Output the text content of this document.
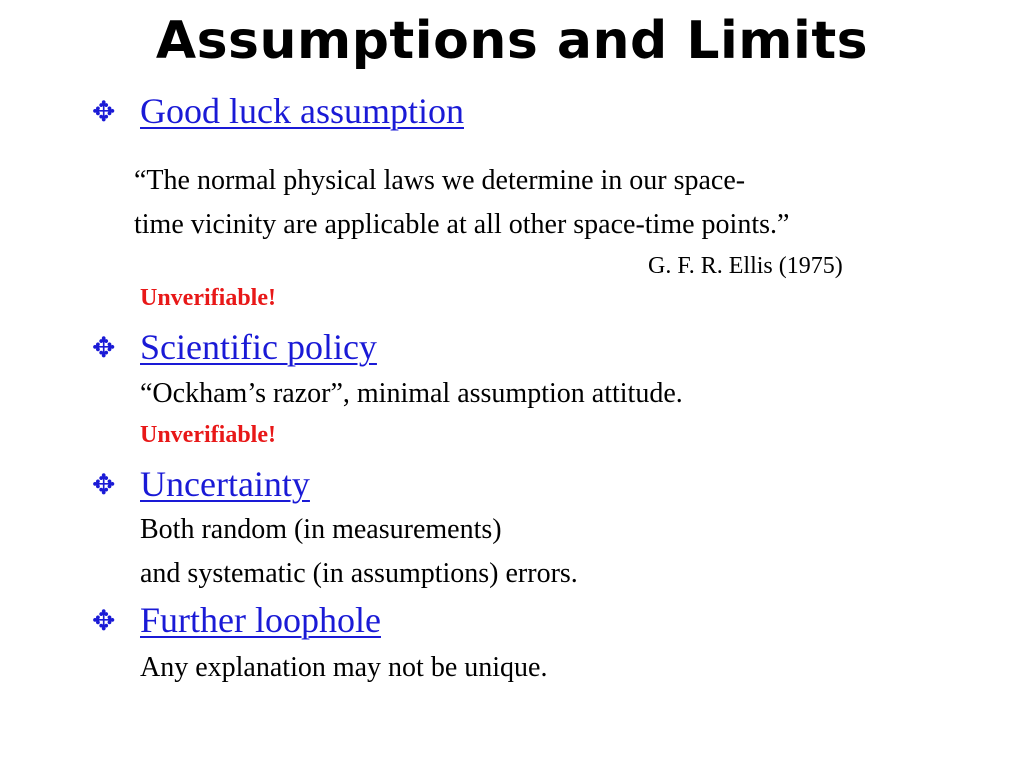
Assumptions and Limits
✥ Good luck assumption
“The normal physical laws we determine in our space-
time vicinity are applicable at all other space-time points.”
G. F. R. Ellis (1975)
Unverifiable!
✥ Scientific policy
“Ockham’s razor”, minimal assumption attitude.
Unverifiable!
✥ Uncertainty
Both random (in measurements)
and systematic (in assumptions) errors.
✥ Further loophole
Any explanation may not be unique.
